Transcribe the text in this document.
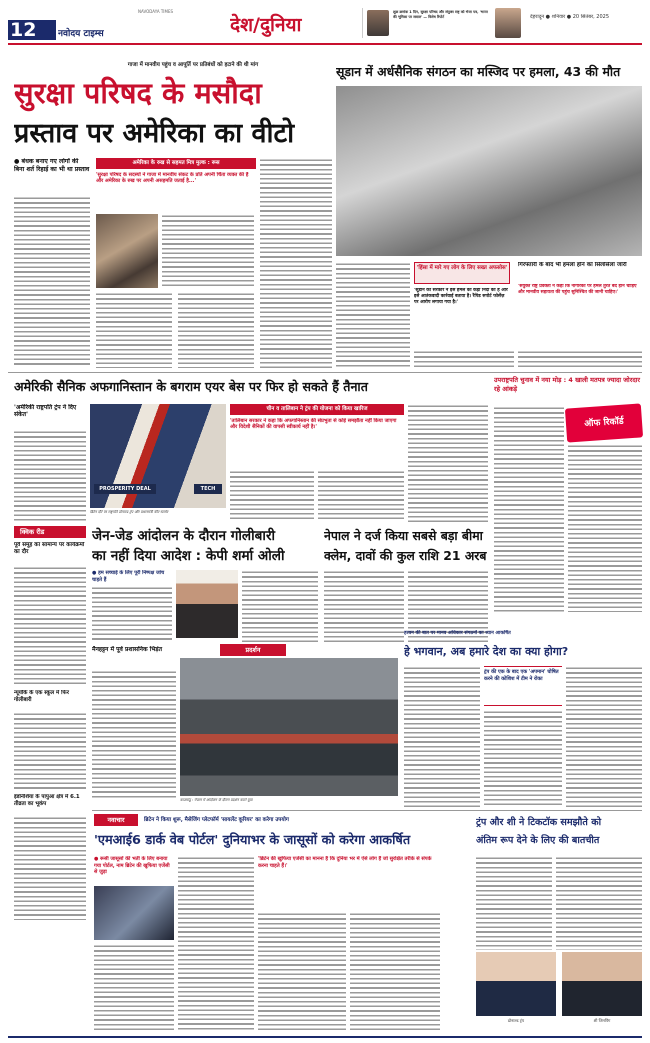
12 नवोदय टाइम्स
NAVODAYA TIMES
देश/दुनिया
शुक्र क्रमांक 1 दिन, सुरक्षा परिषद और संयुक्त राष्ट्र को भेजा पत्र, 'भारत की भूमिका पर सवाल' — विशेष रिपोर्ट	देहरादून ● शनिवार ● 20 सितंबर, 2025
गाजा में मानवीय पहुंच व आपूर्ति पर प्रतिबंधों को हटाने की थी मांग
सुरक्षा परिषद के मसौदा
प्रस्ताव पर अमेरिका का वीटो
● बंधक बनाए गए लोगों की बिना शर्त रिहाई का भी था प्रस्ताव
अमेरिका के रुख से सहमत मित्र मुल्क : रूस
'सुरक्षा परिषद के सदस्यों ने गाजा में मानवीय संकट के प्रति अपनी चिंता व्यक्त की है और अमेरिका के रुख पर अपनी असहमति जताई है...'
सूडान में अर्धसैनिक संगठन का मस्जिद पर हमला, 43 की मौत
'हिंसा में मारे गए लोग के लिए सख्त अफसोस'
'सूडान की सरकार ने इस हमले की कड़ी निंदा की है और इसे आतंकवादी कार्रवाई बताया है। रैपिड सपोर्ट फोर्सेज़ पर आरोप लगाया गया है।'
गिरफ्तारी के बाद भी हमला होने का सिलसिला जारी
'संयुक्त राष्ट्र प्रवक्ता ने कहा कि नागरिकों पर हमले तुरंत बंद होने चाहिए और मानवीय सहायता की पहुंच सुनिश्चित की जानी चाहिए।'
अमेरिकी सैनिक अफगानिस्तान के बगराम एयर बेस पर फिर हो सकते हैं तैनात
'अमेरिकी राष्ट्रपति ट्रंप ने दिए संकेत'
PROSPERITY DEAL	TECH
ब्रिटेन दौरे पर राष्ट्रपति डोनाल्ड ट्रंप और प्रधानमंत्री कीर स्टार्मर
चीन व तालिबान ने ट्रंप की योजना को किया खारिज
'तालिबान सरकार ने कहा कि अफगानिस्तान की संप्रभुता से कोई समझौता नहीं किया जाएगा और विदेशी सैनिकों की वापसी स्वीकार्य नहीं है।'
क्विक रीड
पूर्व समूह का सामान्य पर कार्यक्रमों का दौर
न्यूयॉर्क के एक स्कूल में फिर गोलीबारी
इंडोनेशिया के पापुआ क्षेत्र में 6.1 तीव्रता का भूकंप
उपराष्ट्रपति चुनाव में नया मोड़ : 4 खाली मतपत्र ज्यादा जोरदार रहे आंकड़े
ऑफ रिकॉर्ड
जेन-जेड आंदोलन के दौरान गोलीबारी
का नहीं दिया आदेश : केपी शर्मा ओली
● हम सच्चाई के लिए पूरी निष्पक्ष जांच चाहते हैं
नेपाल ने दर्ज किया सबसे बड़ा बीमा
क्लेम, दावों की कुल राशि 21 अरब
मैनहट्टन में पूर्व प्रशासनिक भिड़ंत	प्रदर्शन
काठमांडू : नेपाल में आंदोलन के दौरान प्रदर्शन करते युवा
हरवन की बात पर मानव अधिकार संगठनों का ध्यान आकर्षित
हे भगवान, अब हमारे देश का क्या होगा?
ट्रंप की एक के बाद एक 'अपमान' घोषित करने की कोशिश में टीम ने रोका
नवाचार	ब्रिटेन ने किया शुरू, मैसेजिंग प्लेटफॉर्म 'सायलेंट कूरियर' का करेगा उपयोग
'एमआई6 डार्क वेब पोर्टल' दुनियाभर के जासूसों को करेगा आकर्षित
● रूसी जासूसों की भर्ती के लिए बनाया गया पोर्टल, नाम ब्रिटेन की खुफिया एजेंसी से जुड़ा
'ब्रिटेन की खुफिया एजेंसी का मानना है कि दुनिया भर में ऐसे लोग हैं जो सुरक्षित तरीके से संपर्क करना चाहते हैं।'
ट्रंप और शी ने टिकटॉक समझौते को
अंतिम रूप देने के लिए की बातचीत
डोनाल्ड ट्रंप	शी जिनपिंग
